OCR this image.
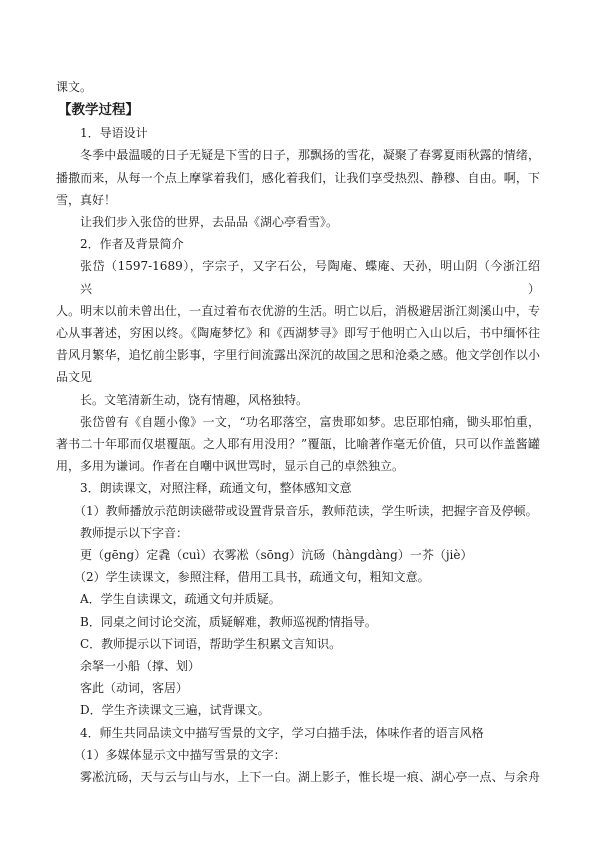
课文。
【教学过程】
1．导语设计
冬季中最温暖的日子无疑是下雪的日子，那飘扬的雪花，凝聚了春雾夏雨秋露的情绪，
播撒而来，从每一个点上摩挲着我们，感化着我们，让我们享受热烈、静穆、自由。啊，下
雪，真好！
让我们步入张岱的世界，去品品《湖心亭看雪》。
2．作者及背景简介
张岱（1597-1689），字宗子，又字石公，号陶庵、蝶庵、天孙，明山阴（今浙江绍兴）
人。明末以前未曾出仕，一直过着布衣优游的生活。明亡以后，消极避居浙江剡溪山中，专
心从事著述，穷困以终。《陶庵梦忆》和《西湖梦寻》即写于他明亡入山以后，书中缅怀往
昔风月繁华，追忆前尘影事，字里行间流露出深沉的故国之思和沧桑之感。他文学创作以小
品文见
长。文笔清新生动，饶有情趣，风格独特。
张岱曾有《自题小像》一文，“功名耶落空，富贵耶如梦。忠臣耶怕痛，锄头耶怕重，
著书二十年耶而仅堪覆瓿。之人耶有用没用？”覆瓿，比喻著作毫无价值，只可以作盖酱罐
用，多用为谦词。作者在自嘲中讽世骂时，显示自己的卓然独立。
3．朗读课文，对照注释，疏通文句，整体感知文意
（1）教师播放示范朗读磁带或设置背景音乐，教师范读，学生听读，把握字音及停顿。
教师提示以下字音：
更（gēng）定毳（cuì）衣雾凇（sōng）沆砀（hàngdàng）一芥（jiè）
（2）学生读课文，参照注释，借用工具书，疏通文句，粗知文意。
A．学生自读课文，疏通文句并质疑。
B．同桌之间讨论交流，质疑解难，教师巡视酌情指导。
C．教师提示以下词语，帮助学生积累文言知识。
余拏一小船（撑、划）
客此（动词，客居）
D．学生齐读课文三遍，试背课文。
4．师生共同品读文中描写雪景的文字，学习白描手法，体味作者的语言风格
（1）多媒体显示文中描写雪景的文字：
雾凇沆砀，天与云与山与水，上下一白。湖上影子，惟长堤一痕、湖心亭一点、与余舟
